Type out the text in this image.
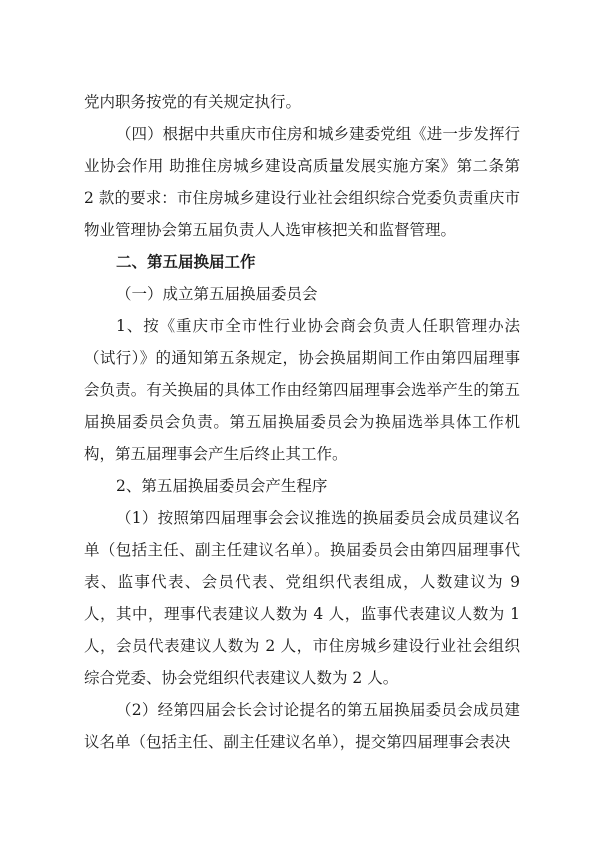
党内职务按党的有关规定执行。

（四）根据中共重庆市住房和城乡建委党组《进一步发挥行业协会作用 助推住房城乡建设高质量发展实施方案》第二条第 2 款的要求：市住房城乡建设行业社会组织综合党委负责重庆市物业管理协会第五届负责人人选审核把关和监督管理。

二、第五届换届工作

（一）成立第五届换届委员会

1、按《重庆市全市性行业协会商会负责人任职管理办法（试行）》的通知第五条规定，协会换届期间工作由第四届理事会负责。有关换届的具体工作由经第四届理事会选举产生的第五届换届委员会负责。第五届换届委员会为换届选举具体工作机构，第五届理事会产生后终止其工作。

2、第五届换届委员会产生程序

（1）按照第四届理事会会议推选的换届委员会成员建议名单（包括主任、副主任建议名单）。换届委员会由第四届理事代表、监事代表、会员代表、党组织代表组成，人数建议为 9 人，其中，理事代表建议人数为 4 人，监事代表建议人数为 1 人，会员代表建议人数为 2 人，市住房城乡建设行业社会组织综合党委、协会党组织代表建议人数为 2 人。

（2）经第四届会长会讨论提名的第五届换届委员会成员建议名单（包括主任、副主任建议名单），提交第四届理事会表决
